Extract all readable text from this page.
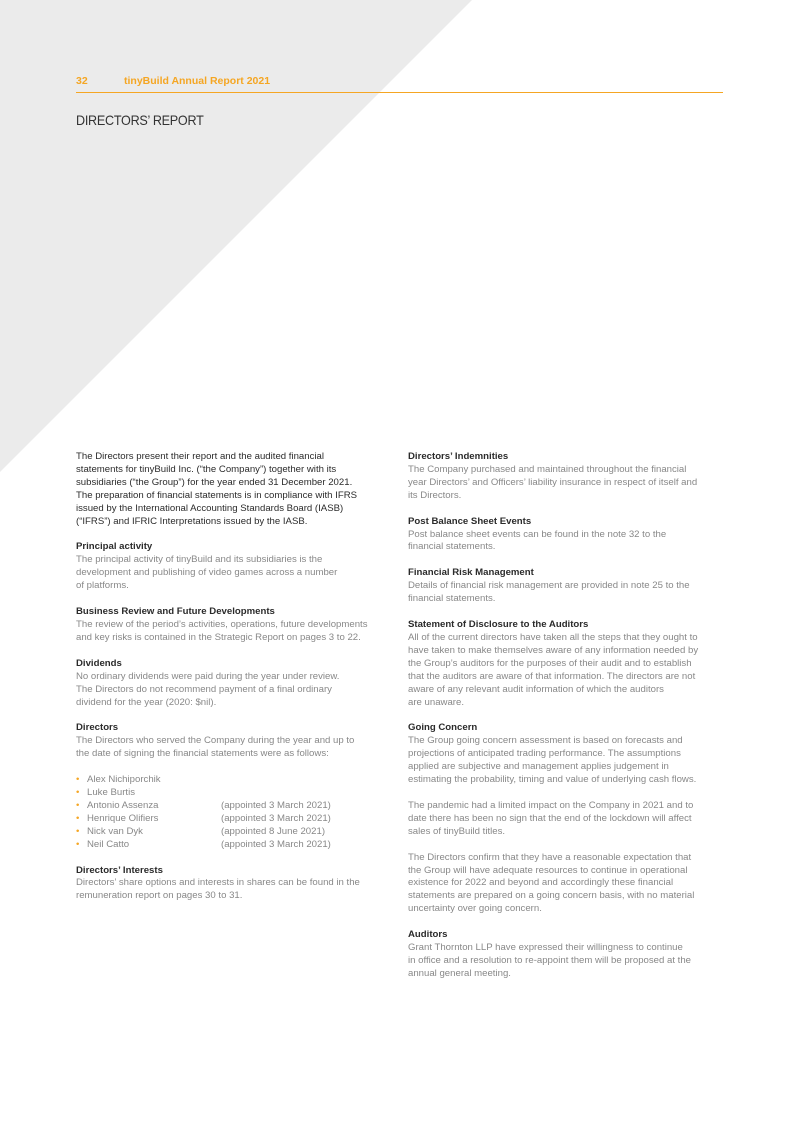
32	tinyBuild Annual Report 2021
DIRECTORS’ REPORT
The Directors present their report and the audited financial
statements for tinyBuild Inc. (“the Company”) together with its
subsidiaries (“the Group”) for the year ended 31 December 2021.
The preparation of financial statements is in compliance with IFRS
issued by the International Accounting Standards Board (IASB)
(“IFRS”) and IFRIC Interpretations issued by the IASB.
Principal activity
The principal activity of tinyBuild and its subsidiaries is the
development and publishing of video games across a number
of platforms.
Business Review and Future Developments
The review of the period’s activities, operations, future developments
and key risks is contained in the Strategic Report on pages 3 to 22.
Dividends
No ordinary dividends were paid during the year under review.
The Directors do not recommend payment of a final ordinary
dividend for the year (2020: $nil).
Directors
The Directors who served the Company during the year and up to
the date of signing the financial statements were as follows:
• Alex Nichiporchik
• Luke Burtis
• Antonio Assenza	(appointed 3 March 2021)
• Henrique Olifiers	(appointed 3 March 2021)
• Nick van Dyk	(appointed 8 June 2021)
• Neil Catto	(appointed 3 March 2021)
Directors’ Interests
Directors’ share options and interests in shares can be found in the
remuneration report on pages 30 to 31.
Directors’ Indemnities
The Company purchased and maintained throughout the financial
year Directors’ and Officers’ liability insurance in respect of itself and
its Directors.
Post Balance Sheet Events
Post balance sheet events can be found in the note 32 to the
financial statements.
Financial Risk Management
Details of financial risk management are provided in note 25 to the
financial statements.
Statement of Disclosure to the Auditors
All of the current directors have taken all the steps that they ought to
have taken to make themselves aware of any information needed by
the Group’s auditors for the purposes of their audit and to establish
that the auditors are aware of that information. The directors are not
aware of any relevant audit information of which the auditors
are unaware.
Going Concern
The Group going concern assessment is based on forecasts and
projections of anticipated trading performance. The assumptions
applied are subjective and management applies judgement in
estimating the probability, timing and value of underlying cash flows.
The pandemic had a limited impact on the Company in 2021 and to
date there has been no sign that the end of the lockdown will affect
sales of tinyBuild titles.
The Directors confirm that they have a reasonable expectation that
the Group will have adequate resources to continue in operational
existence for 2022 and beyond and accordingly these financial
statements are prepared on a going concern basis, with no material
uncertainty over going concern.
Auditors
Grant Thornton LLP have expressed their willingness to continue
in office and a resolution to re-appoint them will be proposed at the
annual general meeting.
